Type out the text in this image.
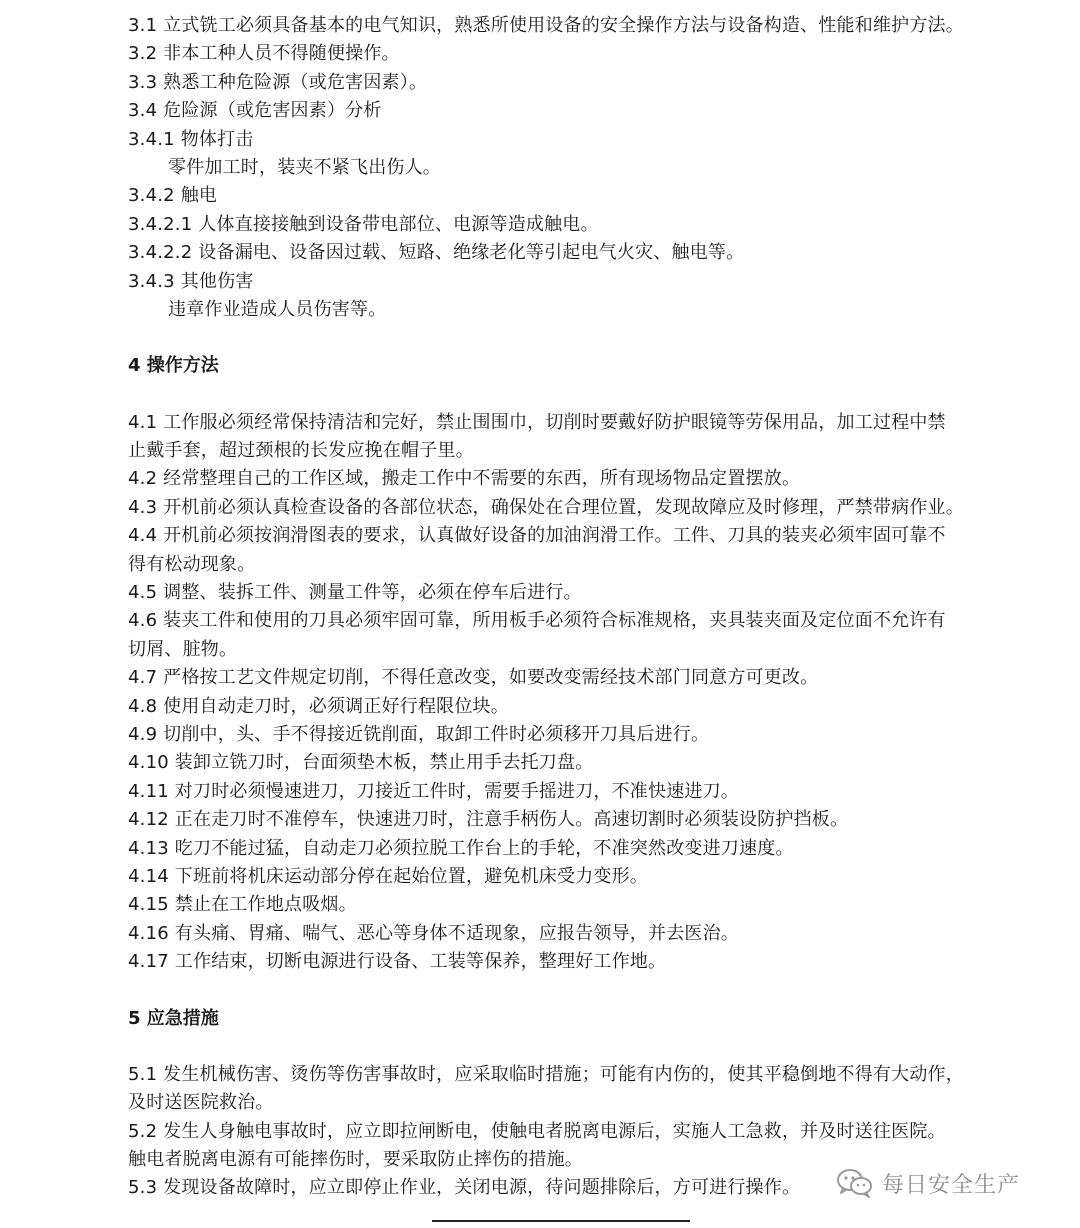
3.1 立式铣工必须具备基本的电气知识，熟悉所使用设备的安全操作方法与设备构造、性能和维护方法。
3.2 非本工种人员不得随便操作。
3.3 熟悉工种危险源（或危害因素）。
3.4 危险源（或危害因素）分析
3.4.1 物体打击
零件加工时，装夹不紧飞出伤人。
3.4.2 触电
3.4.2.1 人体直接接触到设备带电部位、电源等造成触电。
3.4.2.2 设备漏电、设备因过载、短路、绝缘老化等引起电气火灾、触电等。
3.4.3 其他伤害
违章作业造成人员伤害等。
4 操作方法
4.1 工作服必须经常保持清洁和完好，禁止围围巾，切削时要戴好防护眼镜等劳保用品，加工过程中禁
止戴手套，超过颈根的长发应挽在帽子里。
4.2 经常整理自己的工作区域，搬走工作中不需要的东西，所有现场物品定置摆放。
4.3 开机前必须认真检查设备的各部位状态，确保处在合理位置，发现故障应及时修理，严禁带病作业。
4.4 开机前必须按润滑图表的要求，认真做好设备的加油润滑工作。工件、刀具的装夹必须牢固可靠不
得有松动现象。
4.5 调整、装拆工件、测量工件等，必须在停车后进行。
4.6 装夹工件和使用的刀具必须牢固可靠，所用板手必须符合标准规格，夹具装夹面及定位面不允许有
切屑、脏物。
4.7 严格按工艺文件规定切削，不得任意改变，如要改变需经技术部门同意方可更改。
4.8 使用自动走刀时，必须调正好行程限位块。
4.9 切削中，头、手不得接近铣削面，取卸工件时必须移开刀具后进行。
4.10 装卸立铣刀时，台面须垫木板，禁止用手去托刀盘。
4.11 对刀时必须慢速进刀，刀接近工件时，需要手摇进刀，不准快速进刀。
4.12 正在走刀时不准停车，快速进刀时，注意手柄伤人。高速切割时必须装设防护挡板。
4.13 吃刀不能过猛，自动走刀必须拉脱工作台上的手轮，不准突然改变进刀速度。
4.14 下班前将机床运动部分停在起始位置，避免机床受力变形。
4.15 禁止在工作地点吸烟。
4.16 有头痛、胃痛、喘气、恶心等身体不适现象，应报告领导，并去医治。
4.17 工作结束，切断电源进行设备、工装等保养，整理好工作地。
5 应急措施
5.1 发生机械伤害、烫伤等伤害事故时，应采取临时措施；可能有内伤的，使其平稳倒地不得有大动作，
及时送医院救治。
5.2 发生人身触电事故时，应立即拉闸断电，使触电者脱离电源后，实施人工急救，并及时送往医院。
触电者脱离电源有可能摔伤时，要采取防止摔伤的措施。
5.3 发现设备故障时，应立即停止作业，关闭电源，待问题排除后，方可进行操作。	每日安全生产
